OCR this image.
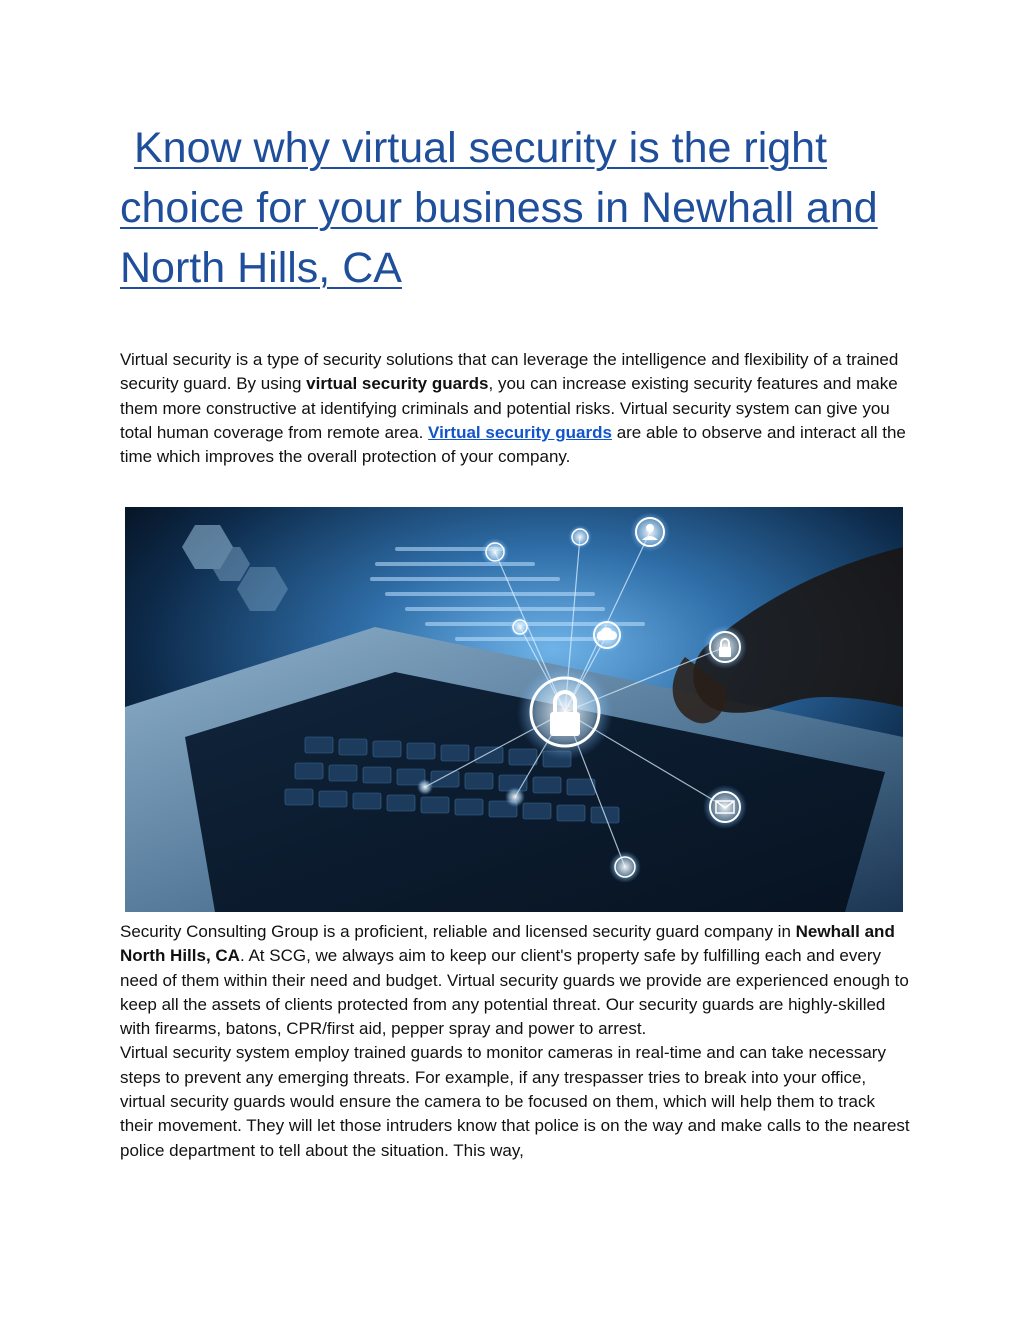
Know why virtual security is the right
choice for your business in Newhall and
North Hills, CA

Virtual security is a type of security solutions that can leverage the intelligence and flexibility of a trained security guard. By using virtual security guards, you can increase existing security features and make them more constructive at identifying criminals and potential risks. Virtual security system can give you total human coverage from remote area. Virtual security guards are able to observe and interact all the time which improves the overall protection of your company.

Security Consulting Group is a proficient, reliable and licensed security guard company in Newhall and North Hills, CA. At SCG, we always aim to keep our client's property safe by fulfilling each and every need of them within their need and budget. Virtual security guards we provide are experienced enough to keep all the assets of clients protected from any potential threat. Our security guards are highly-skilled with firearms, batons, CPR/first aid, pepper spray and power to arrest.

Virtual security system employ trained guards to monitor cameras in real-time and can take necessary steps to prevent any emerging threats. For example, if any trespasser tries to break into your office, virtual security guards would ensure the camera to be focused on them, which will help them to track their movement. They will let those intruders know that police is on the way and make calls to the nearest police department to tell about the situation. This way,
